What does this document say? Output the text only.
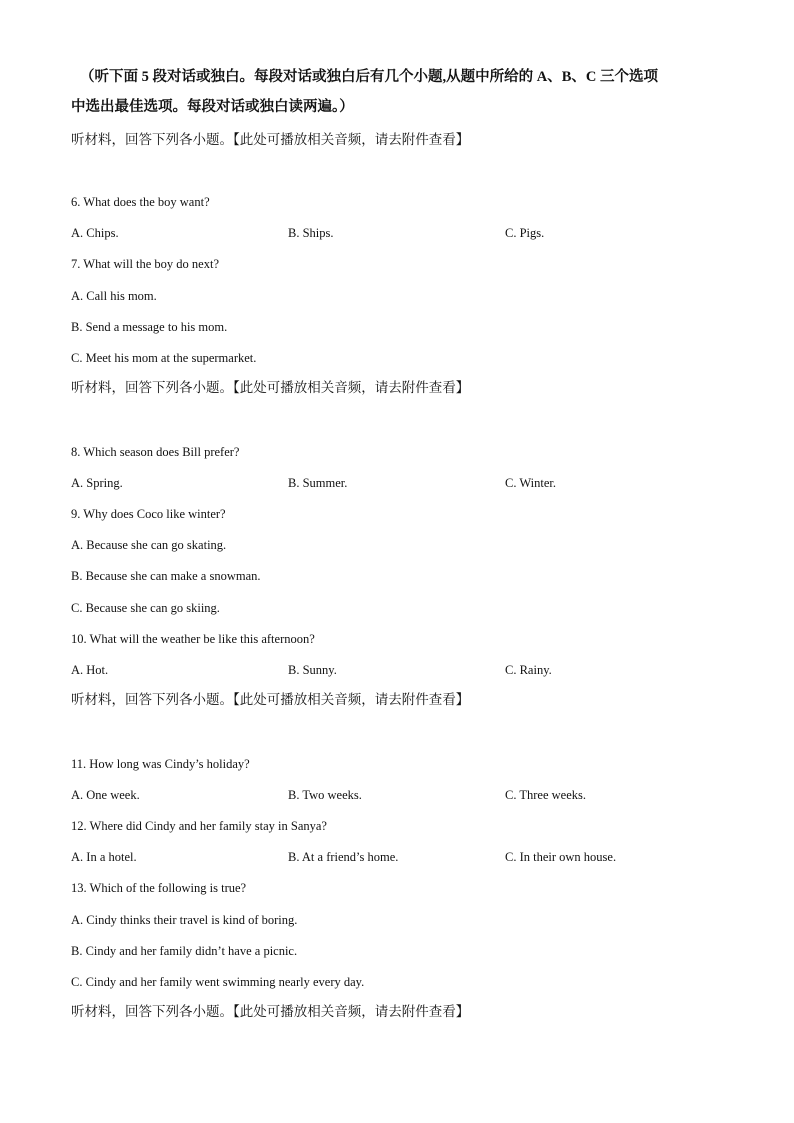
（听下面 5 段对话或独白。每段对话或独白后有几个小题,从题中所给的 A、B、C 三个选项
中选出最佳选项。每段对话或独白读两遍。）
听材料，回答下列各小题。【此处可播放相关音频，请去附件查看】
6. What does the boy want?
A. Chips.	B. Ships.	C. Pigs.
7. What will the boy do next?
A. Call his mom.
B. Send a message to his mom.
C. Meet his mom at the supermarket.
听材料，回答下列各小题。【此处可播放相关音频，请去附件查看】
8. Which season does Bill prefer?
A. Spring.	B. Summer.	C. Winter.
9. Why does Coco like winter?
A. Because she can go skating.
B. Because she can make a snowman.
C. Because she can go skiing.
10. What will the weather be like this afternoon?
A. Hot.	B. Sunny.	C. Rainy.
听材料，回答下列各小题。【此处可播放相关音频，请去附件查看】
11. How long was Cindy’s holiday?
A. One week.	B. Two weeks.	C. Three weeks.
12. Where did Cindy and her family stay in Sanya?
A. In a hotel.	B. At a friend’s home.	C. In their own house.
13. Which of the following is true?
A. Cindy thinks their travel is kind of boring.
B. Cindy and her family didn’t have a picnic.
C. Cindy and her family went swimming nearly every day.
听材料，回答下列各小题。【此处可播放相关音频，请去附件查看】
